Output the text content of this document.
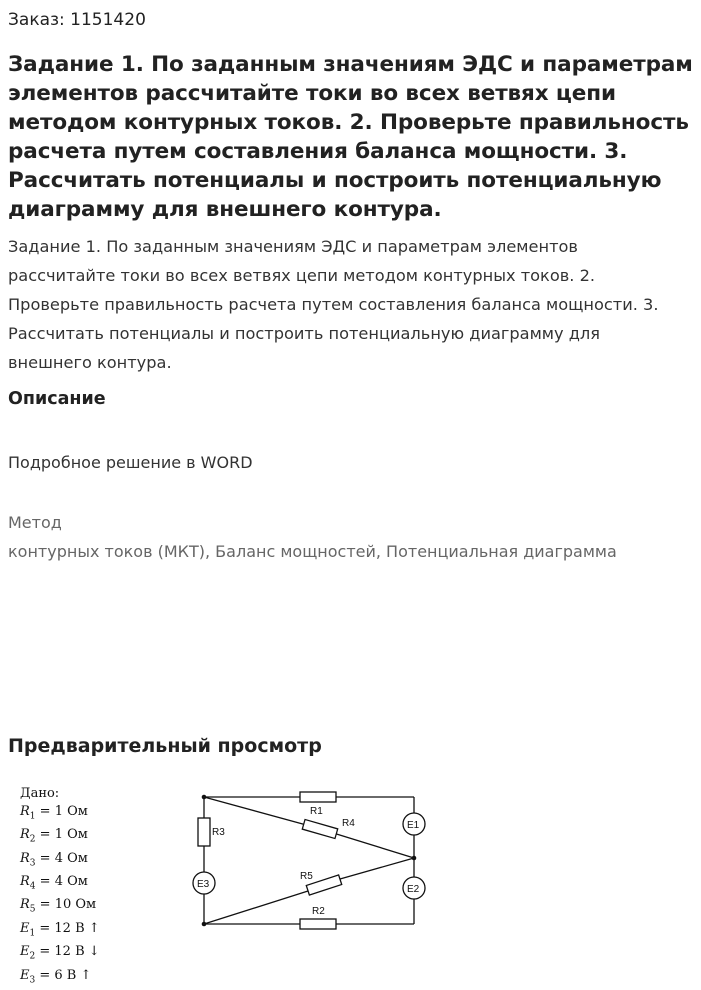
Заказ: 1151420
Задание 1. По заданным значениям ЭДС и параметрам элементов рассчитайте токи во всех ветвях цепи методом контурных токов. 2. Проверьте правильность расчета путем составления баланса мощности. 3. Рассчитать потенциалы и построить потенциальную диаграмму для внешнего контура.
Задание 1. По заданным значениям ЭДС и параметрам элементов рассчитайте токи во всех ветвях цепи методом контурных токов. 2. Проверьте правильность расчета путем составления баланса мощности. 3. Рассчитать потенциалы и построить потенциальную диаграмму для внешнего контура.
Описание
Подробное решение в WORD
Метод
контурных токов (МКТ), Баланс мощностей, Потенциальная диаграмма
Предварительный просмотр
Дано:
$R_1 = 1$ Ом
$R_2 = 1$ Ом
$R_3 = 4$ Ом
$R_4 = 4$ Ом
$R_5 = 10$ Ом
$E_1 = 12$ В ↑
$E_2 = 12$ В ↓
$E_3 = 6$ В ↑
R1
R2
R3
R4
R5
E1
E2
E3
